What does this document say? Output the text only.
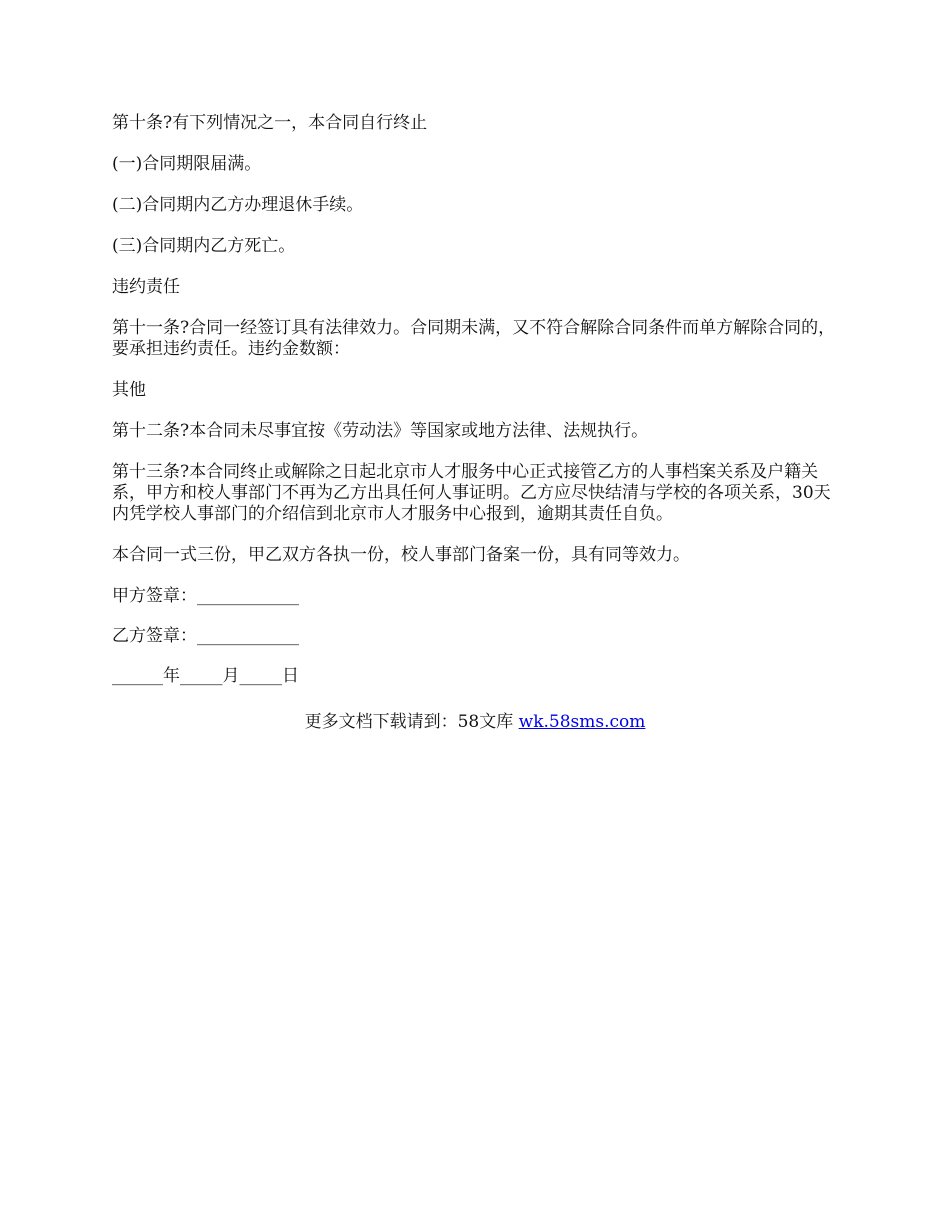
第十条?有下列情况之一，本合同自行终止

(一)合同期限届满。

(二)合同期内乙方办理退休手续。

(三)合同期内乙方死亡。

违约责任

第十一条?合同一经签订具有法律效力。合同期未满，又不符合解除合同条件而单方解除合同的，要承担违约责任。违约金数额：

其他

第十二条?本合同未尽事宜按《劳动法》等国家或地方法律、法规执行。

第十三条?本合同终止或解除之日起北京市人才服务中心正式接管乙方的人事档案关系及户籍关系，甲方和校人事部门不再为乙方出具任何人事证明。乙方应尽快结清与学校的各项关系，30天内凭学校人事部门的介绍信到北京市人才服务中心报到，逾期其责任自负。

本合同一式三份，甲乙双方各执一份，校人事部门备案一份，具有同等效力。

甲方签章：____________

乙方签章：____________

______年_____月_____日

更多文档下载请到：58文库 wk.58sms.com
